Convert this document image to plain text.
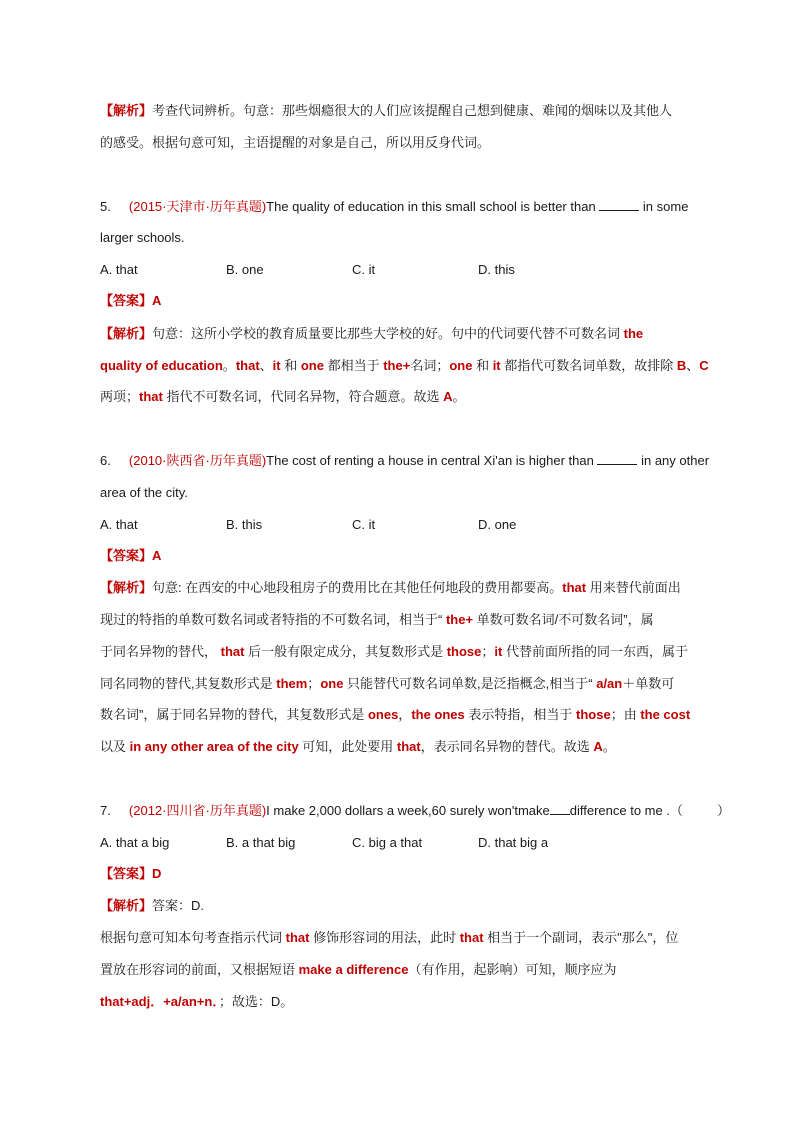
【解析】考查代词辨析。句意：那些烟瘾很大的人们应该提醒自己想到健康、难闻的烟味以及其他人
的感受。根据句意可知，主语提醒的对象是自己，所以用反身代词。
5. (2015·天津市·历年真题)The quality of education in this small school is better than	in some
larger schools.
A. that	B. one	C. it	D. this
【答案】A
【解析】句意：这所小学校的教育质量要比那些大学校的好。句中的代词要代替不可数名词 the
quality of education。that、it 和 one 都相当于 the+名词；one 和 it 都指代可数名词单数，故排除 B、C
两项；that 指代不可数名词，代同名异物，符合题意。故选 A。
6. (2010·陕西省·历年真题)The cost of renting a house in central Xi'an is higher than	in any other
area of the city.
A. that	B. this	C. it	D. one
【答案】A
【解析】句意: 在西安的中心地段租房子的费用比在其他任何地段的费用都要高。that 用来替代前面出
现过的特指的单数可数名词或者特指的不可数名词，相当于“ the+ 单数可数名词/不可数名词”，属
于同名异物的替代， that 后一般有限定成分，其复数形式是 those；it 代替前面所指的同一东西，属于
同名同物的替代,其复数形式是 them；one 只能替代可数名词单数,是泛指概念,相当于“ a/an＋单数可
数名词”，属于同名异物的替代，其复数形式是 ones，the ones 表示特指，相当于 those；由 the cost
以及 in any other area of the city 可知，此处要用 that，表示同名异物的替代。故选 A。
7. (2012·四川省·历年真题)I make 2,000 dollars a week,60 surely won'tmake difference to me .（	）
A. that a big	B. a that big	C. big a that	D. that big a
【答案】D
【解析】答案：D.
根据句意可知本句考查指示代词 that 修饰形容词的用法，此时 that 相当于一个副词，表示"那么"，位
置放在形容词的前面，又根据短语 make a difference（有作用，起影响）可知，顺序应为
that+adj．+a/an+n．；故选：D。
